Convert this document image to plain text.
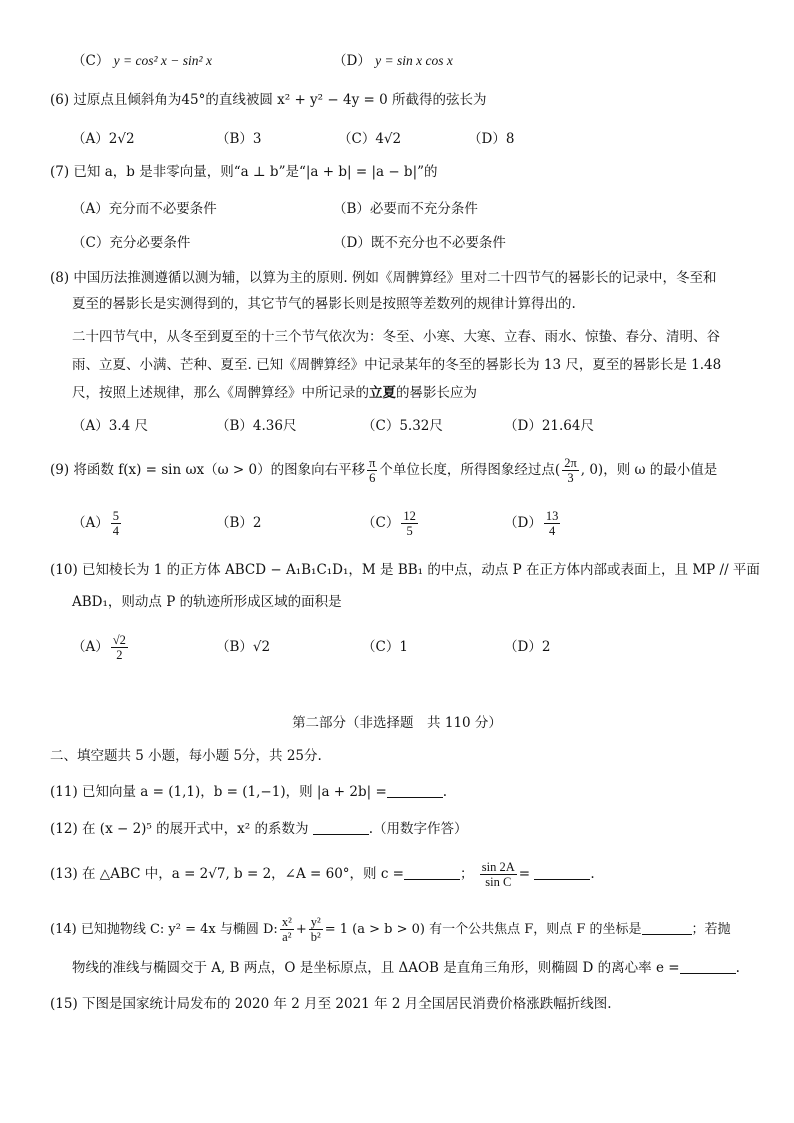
（C） y = cos² x − sin² x	（D） y = sin x cos x
(6) 过原点且倾斜角为45°的直线被圆 x² + y² − 4y = 0 所截得的弦长为
（A）2√2	（B）3	（C）4√2	（D）8
(7) 已知 a，b 是非零向量，则“a ⊥ b”是“|a + b| = |a − b|”的
（A）充分而不必要条件	（B）必要而不充分条件
（C）充分必要条件	（D）既不充分也不必要条件
(8) 中国历法推测遵循以测为辅，以算为主的原则. 例如《周髀算经》里对二十四节气的晷影长的记录中，冬至和
夏至的晷影长是实测得到的，其它节气的晷影长则是按照等差数列的规律计算得出的.
二十四节气中，从冬至到夏至的十三个节气依次为：冬至、小寒、大寒、立春、雨水、惊蛰、春分、清明、谷
雨、立夏、小满、芒种、夏至. 已知《周髀算经》中记录某年的冬至的晷影长为 13 尺，夏至的晷影长是 1.48
尺，按照上述规律，那么《周髀算经》中所记录的立夏的晷影长应为
（A）3.4 尺	（B）4.36尺	（C）5.32尺	（D）21.64尺
(9) 将函数 f(x) = sin ωx（ω > 0）的图象向右平移 $\frac{\pi}{6}$ 个单位长度，所得图象经过点( $\frac{2\pi}{3}$ , 0)，则 ω 的最小值是
$(A) \frac{5}{4}$	（B）2	$(C) \frac{12}{5}$	$(D) \frac{13}{4}$
(10) 已知棱长为 1 的正方体 ABCD − A₁B₁C₁D₁，M 是 BB₁ 的中点，动点 P 在正方体内部或表面上，且 MP // 平面
ABD₁，则动点 P 的轨迹所形成区域的面积是
$(A) \frac{√2}{2}$	（B）√2	（C）1	（D）2
第二部分（非选择题　共 110 分）
二、填空题共 5 小题，每小题 5分，共 25分.
(11) 已知向量 a = (1,1)，b = (1,−1)，则 |a + 2b| =	.
(12) 在 (x − 2)⁵ 的展开式中，x² 的系数为	.（用数字作答）
(13) 在 △ABC 中，a = 2√7, b = 2，∠A = 60°，则 c =	； $\frac{\sin 2A}{\text{sin C}}$ =	.
(14) 已知抛物线 C: y² = 4x 与椭圆 D: $\frac{\text{x²}}{\text{a²}} + \frac{\text{y²}}{\text{b²}} = 1$ (a > b > 0) 有一个公共焦点 F，则点 F 的坐标是	；若抛
物线的准线与椭圆交于 A, B 两点，O 是坐标原点，且 ΔAOB 是直角三角形，则椭圆 D 的离心率 e =	.
(15) 下图是国家统计局发布的 2020 年 2 月至 2021 年 2 月全国居民消费价格涨跌幅折线图.
